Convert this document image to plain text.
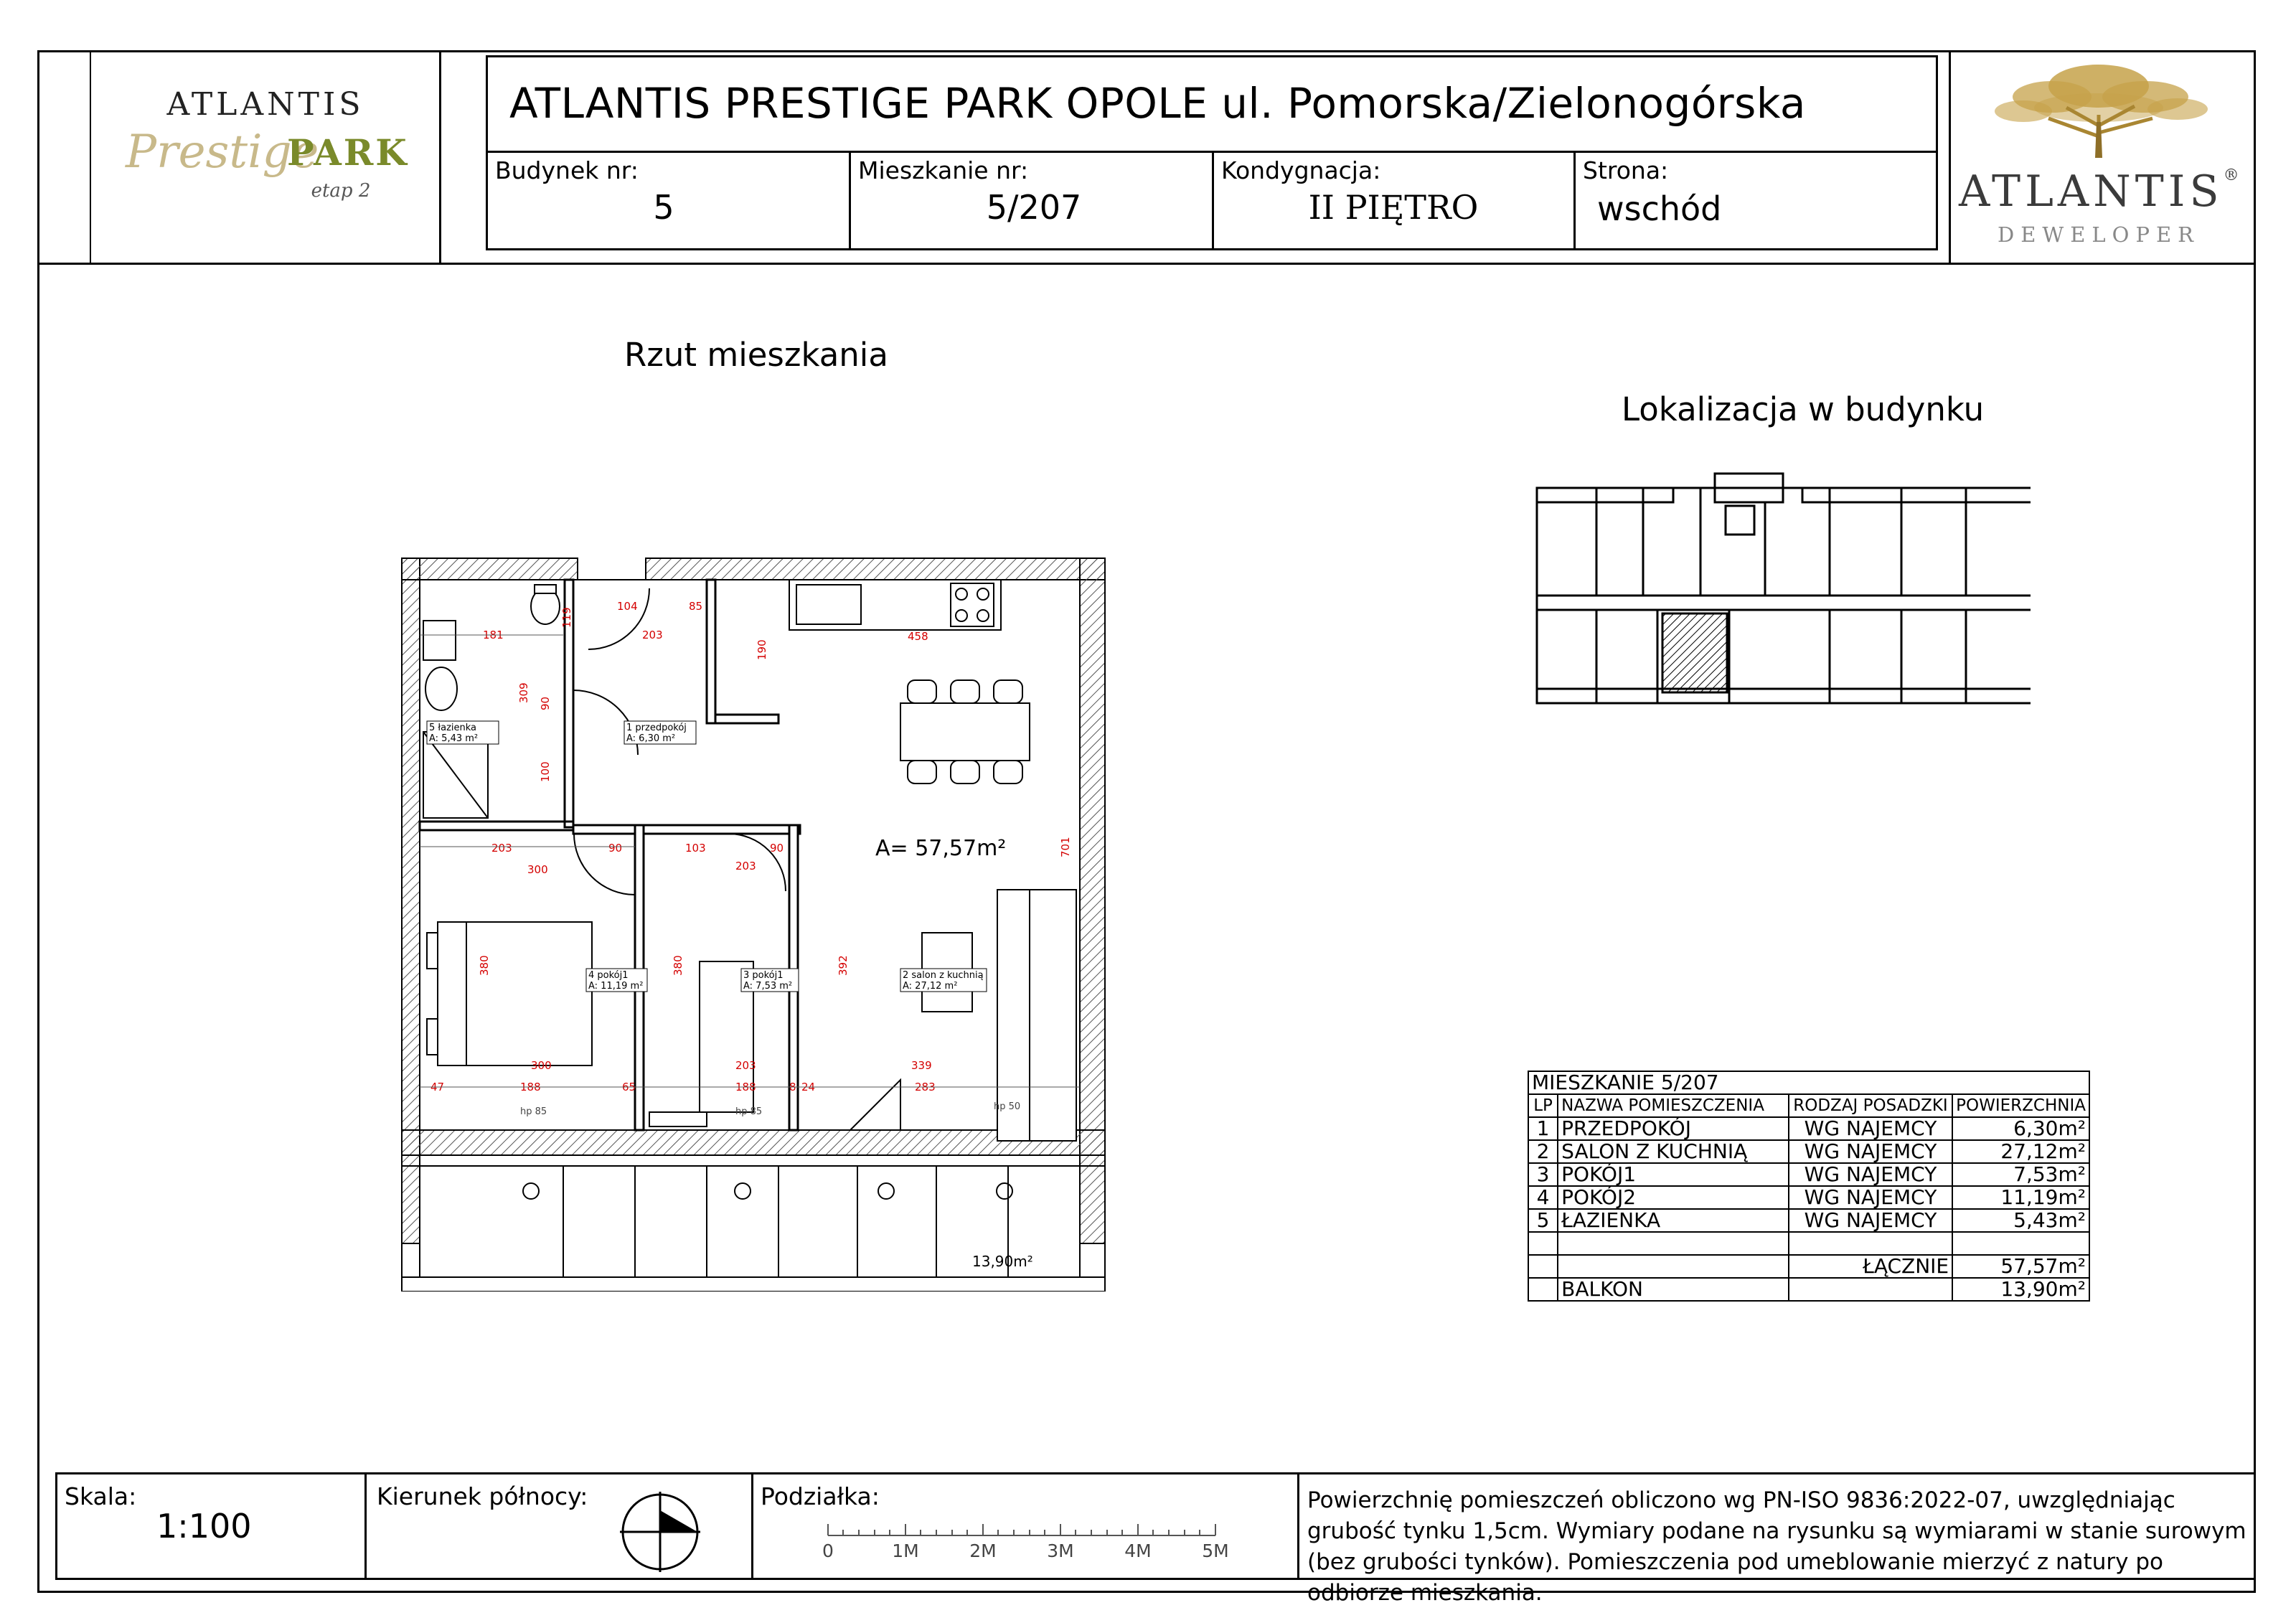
ATLANTIS
Prestige
PARK
etap 2
ATLANTIS PRESTIGE PARK OPOLE ul. Pomorska/Zielonogórska
Budynek nr:
5
Mieszkanie nr:
5/207
Kondygnacja:
II PIĘTRO
Strona:
wschód	ATLANTIS®
DEWELOPER
Rzut mieszkania
Lokalizacja w budynku
181
119
104	85
203
190
458
309
90
100
203
300
90	103
203
90
392
701
380	380
300	203	339
47	188	65	188	8 24	283
5 łazienka
A: 5,43 m²
1 przedpokój
A: 6,30 m²
4 pokój1
A: 11,19 m²
3 pokój1
A: 7,53 m²
2 salon z kuchnią
A: 27,12 m²
A= 57,57m²
hp 85	hp 85	hp 50
13,90m²
MIESZKANIE 5/207			
LP	NAZWA POMIESZCZENIA	RODZAJ POSADZKI	POWIERZCHNIA
1	PRZEDPOKÓJ	WG NAJEMCY	6,30m²
2	SALON Z KUCHNIĄ	WG NAJEMCY	27,12m²
3	POKÓJ1	WG NAJEMCY	7,53m²
4	POKÓJ2	WG NAJEMCY	11,19m²
5	ŁAZIENKA	WG NAJEMCY	5,43m²

		ŁĄCZNIE	57,57m²
	BALKON		13,90m²
Skala:
1:100
Kierunek północy:	Podziałka:
0	1M	2M	3M	4M	5M
Powierzchnię pomieszczeń obliczono wg PN-ISO 9836:2022-07, uwzględniając grubość tynku 1,5cm. Wymiary podane na rysunku są wymiarami w stanie surowym (bez grubości tynków). Pomieszczenia pod umeblowanie mierzyć z natury po odbiorze mieszkania.
